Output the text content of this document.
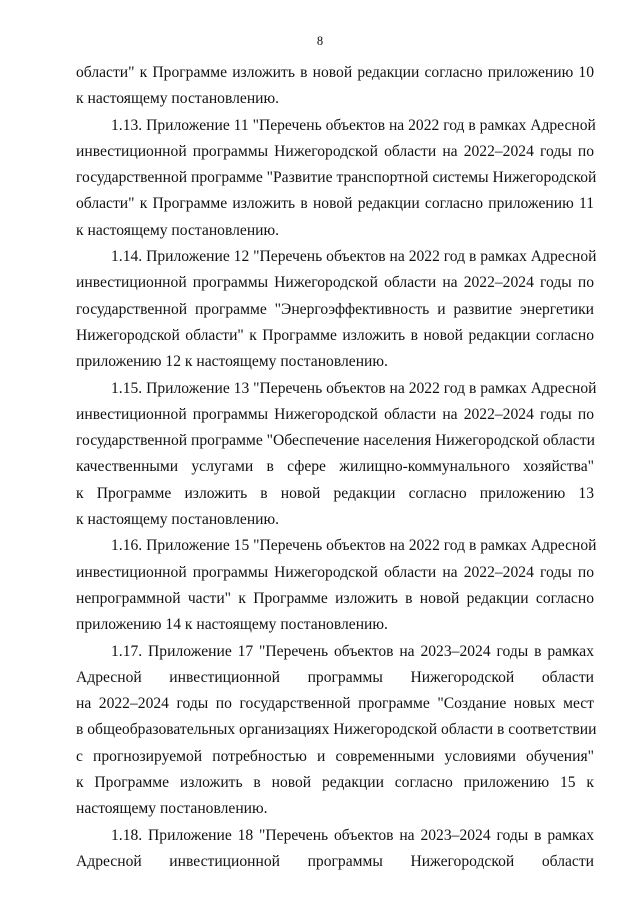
8

области" к Программе изложить в новой редакции согласно приложению 10
к настоящему постановлению.

1.13. Приложение 11 "Перечень объектов на 2022 год в рамках Адресной
инвестиционной программы Нижегородской области на 2022–2024 годы по
государственной программе "Развитие транспортной системы Нижегородской
области" к Программе изложить в новой редакции согласно приложению 11
к настоящему постановлению.

1.14. Приложение 12 "Перечень объектов на 2022 год в рамках Адресной
инвестиционной программы Нижегородской области на 2022–2024 годы по
государственной программе "Энергоэффективность и развитие энергетики
Нижегородской области" к Программе изложить в новой редакции согласно
приложению 12 к настоящему постановлению.

1.15. Приложение 13 "Перечень объектов на 2022 год в рамках Адресной
инвестиционной программы Нижегородской области на 2022–2024 годы по
государственной программе "Обеспечение населения Нижегородской области
качественными услугами в сфере жилищно-коммунального хозяйства"
к Программе изложить в новой редакции согласно приложению 13
к настоящему постановлению.

1.16. Приложение 15 "Перечень объектов на 2022 год в рамках Адресной
инвестиционной программы Нижегородской области на 2022–2024 годы по
непрограммной части" к Программе изложить в новой редакции согласно
приложению 14 к настоящему постановлению.

1.17. Приложение 17 "Перечень объектов на 2023–2024 годы в рамках
Адресной инвестиционной программы Нижегородской области
на 2022–2024 годы по государственной программе "Создание новых мест
в общеобразовательных организациях Нижегородской области в соответствии
с прогнозируемой потребностью и современными условиями обучения"
к Программе изложить в новой редакции согласно приложению 15 к
настоящему постановлению.

1.18. Приложение 18 "Перечень объектов на 2023–2024 годы в рамках
Адресной инвестиционной программы Нижегородской области
